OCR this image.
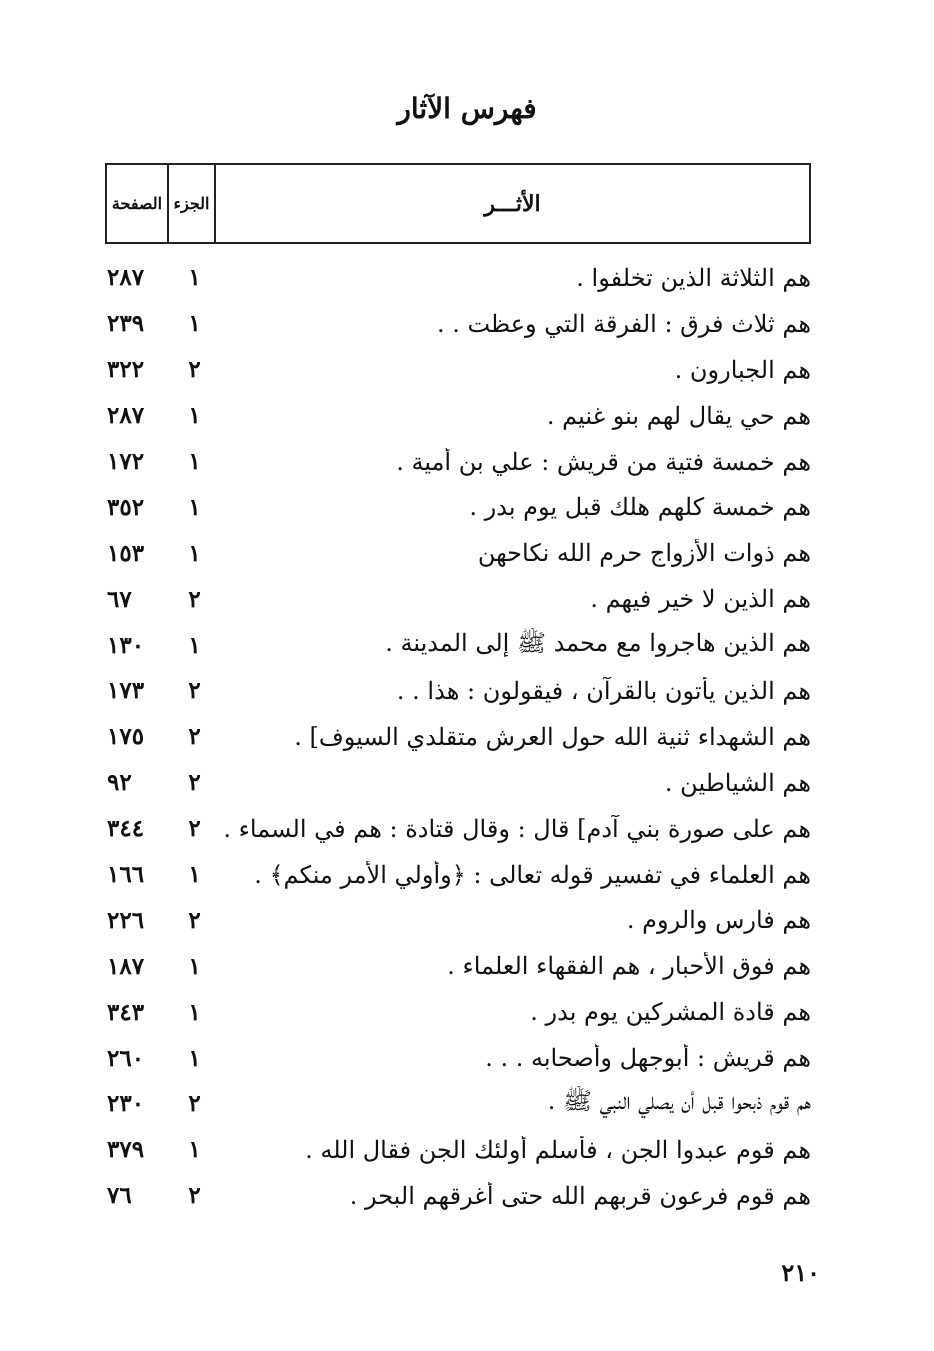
فهرس الآثار
الأثـــر
الجزء
الصفحة
هم الثلاثة الذين تخلفوا .
١
٢٨٧
هم ثلاث فرق : الفرقة التي وعظت . .
١
٢٣٩
هم الجبارون .
٢
٣٢٢
هم حي يقال لهم بنو غنيم .
١
٢٨٧
هم خمسة فتية من قريش : علي بن أمية .
١
١٧٢
هم خمسة كلهم هلك قبل يوم بدر .
١
٣٥٢
هم ذوات الأزواج حرم الله نكاحهن
١
١٥٣
هم الذين لا خير فيهم .
٢
٦٧
هم الذين هاجروا مع محمد ﷺ إلى المدينة .
١
١٣٠
هم الذين يأتون بالقرآن ، فيقولون : هذا . .
٢
١٧٣
هم الشهداء ثنية الله حول العرش متقلدي السيوف] .
٢
١٧٥
هم الشياطين .
٢
٩٢
هم على صورة بني آدم] قال : وقال قتادة : هم في السماء .
٢
٣٤٤
هم العلماء في تفسير قوله تعالى : ﴿وأولي الأمر منكم﴾ .
١
١٦٦
هم فارس والروم .
٢
٢٢٦
هم فوق الأحبار ، هم الفقهاء العلماء .
١
١٨٧
هم قادة المشركين يوم بدر .
١
٣٤٣
هم قريش : أبوجهل وأصحابه . . .
١
٢٦٠
هم قوم ذبحوا قبل أن يصلي النبي ﷺ .
٢
٢٣٠
هم قوم عبدوا الجن ، فأسلم أولئك الجن فقال الله .
١
٣٧٩
هم قوم فرعون قربهم الله حتى أغرقهم البحر .
٢
٧٦
٢١٠
